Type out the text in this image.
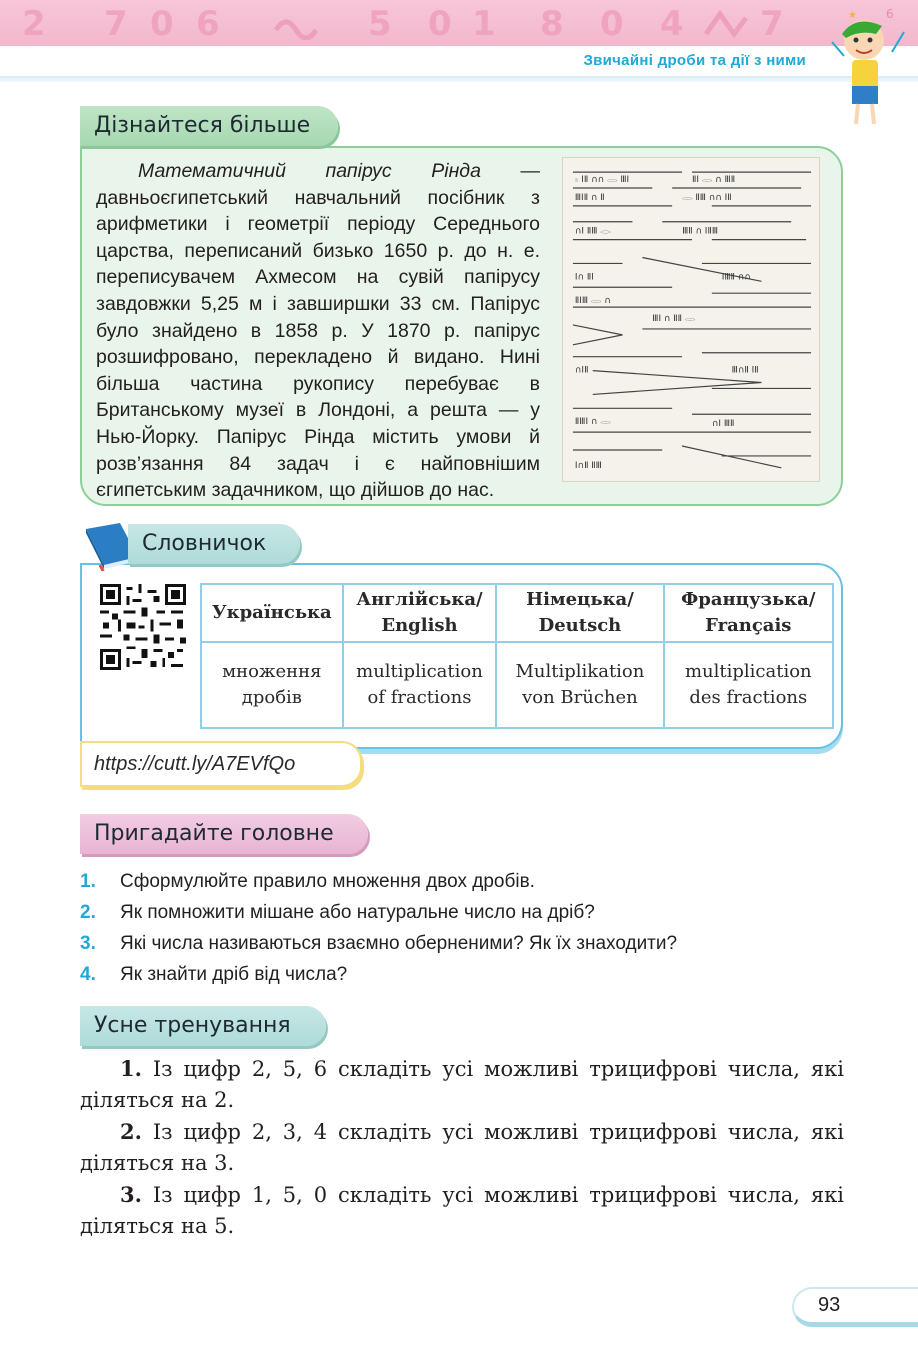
2 7 0 6	5 0 1 8 0 4 7
Звичайні дроби та дії з ними
6
★
Дізнайтеся більше

Математичний папірус Рінда — давньоєгипетський навчальний посібник з арифметики і геометрії періоду Середнього царства, переписаний бизько 1650 р. до н. е. переписувачем Ахмесом на сувій папірусу завдовжки 5,25 м і завширшки 33 см. Папірус було знайдено в 1858 р. У 1870 р. папірус розшифровано, перекладено й видано. Нині більша частина рукопису перебуває в Британському музеї в Лондоні, а решта — у Нью-Йорку. Папірус Рінда містить умови й розв’язання 84 задач і є найповнішим єгипетським задачником, що дійшов до нас.

𓏺𓏻 ⅠⅡ ∩∩ 𓂋 ⅢⅠ	ⅡⅠ 𓂋 ∩ ⅢⅡ
ⅢⅠⅡ ∩ Ⅱ	𓂋 ⅡⅢ ∩∩ ⅠⅡ
∩Ⅰ ⅡⅢ 𓂋	ⅢⅡ ∩ ⅠⅡⅢ
Ⅰ∩ ⅡⅠ	ⅠⅢⅡ ∩∩
ⅡⅠⅢ 𓂋 ∩
ⅢⅠ ∩ ⅡⅡ 𓂋
∩ⅠⅡ	Ⅲ∩Ⅱ ⅠⅡ
ⅡⅢⅠ ∩ 𓂋	∩Ⅰ ⅢⅡ
Ⅰ∩Ⅱ ⅡⅢ
Словничок
Українська	Англійська/ English	Німецька/ Deutsch	Французька/ Français
множення дробів	multiplication of fractions	Multiplikation von Brüchen	multiplication des fractions
https://cutt.ly/A7EVfQo
Пригадайте головне
1. Сформулюйте правило множення двох дробів.
2. Як помножити мішане або натуральне число на дріб?
3. Які числа називаються взаємно оберненими? Як їх знаходити?
4. Як знайти дріб від числа?
Усне тренування

1. Із цифр 2, 5, 6 складіть усі можливі трицифрові числа, які діляться на 2.

2. Із цифр 2, 3, 4 складіть усі можливі трицифрові числа, які діляться на 3.

3. Із цифр 1, 5, 0 складіть усі можливі трицифрові числа, які діляться на 5.

93
